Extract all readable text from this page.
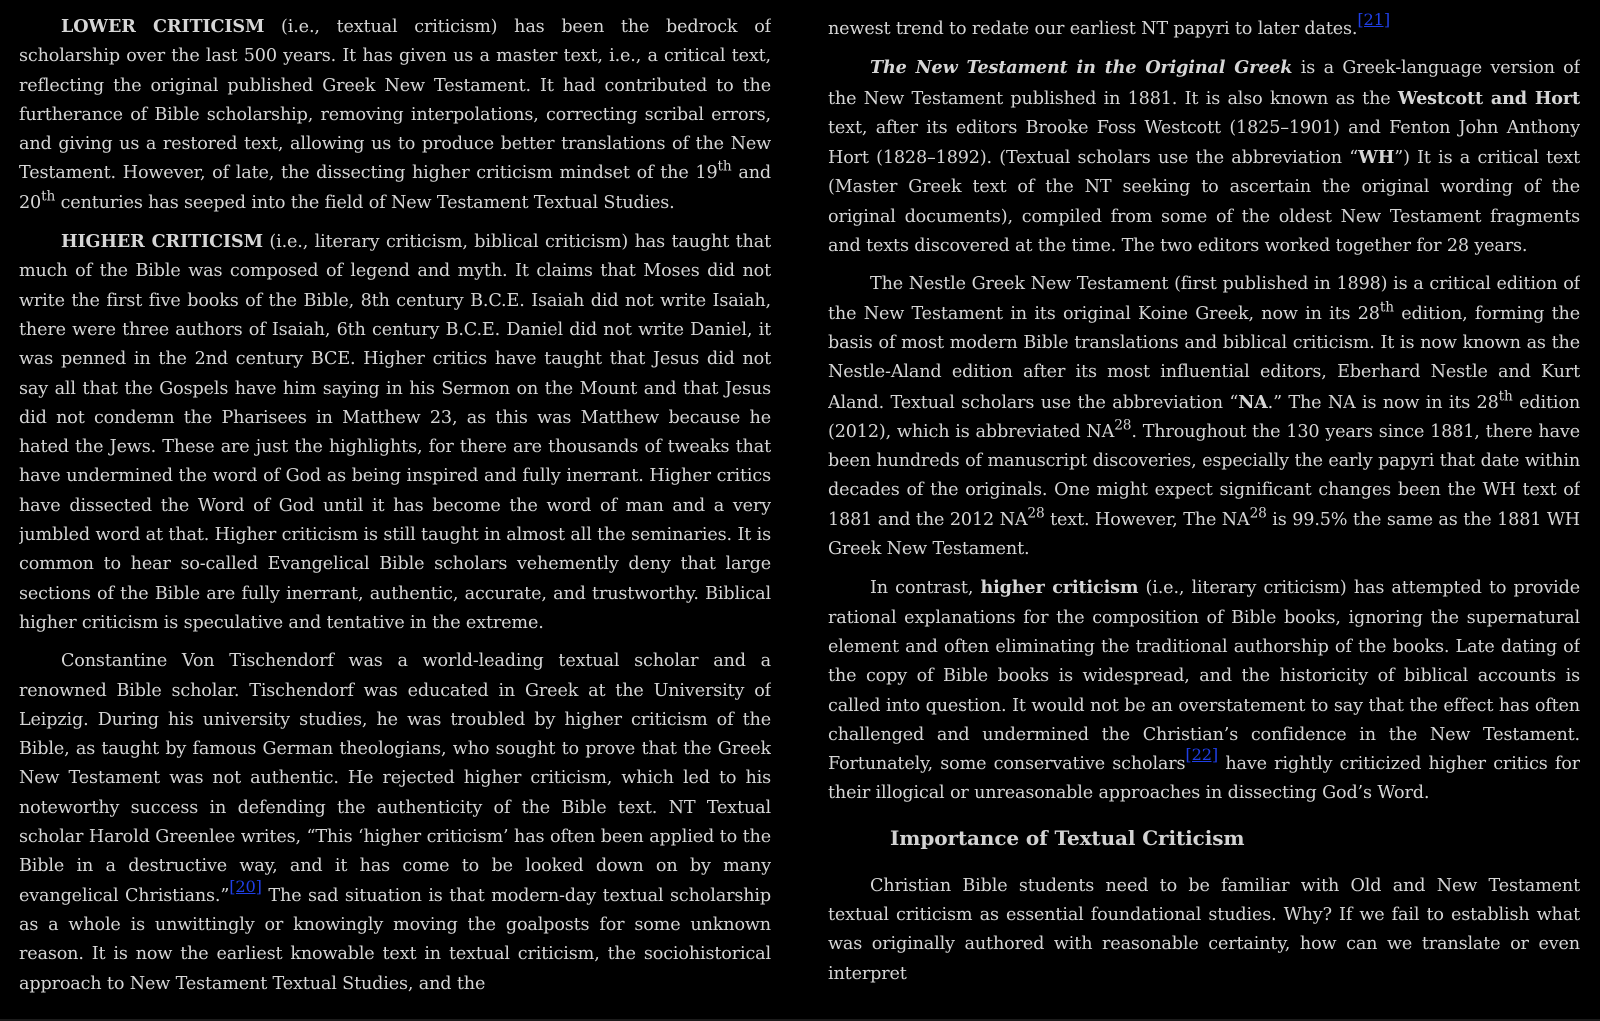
LOWER CRITICISM (i.e., textual criticism) has been the bedrock of scholarship over the last 500 years. It has given us a master text, i.e., a critical text, reflecting the original published Greek New Testament. It had contributed to the furtherance of Bible scholarship, removing interpolations, correcting scribal errors, and giving us a restored text, allowing us to produce better translations of the New Testament. However, of late, the dissecting higher criticism mindset of the 19th and 20th centuries has seeped into the field of New Testament Textual Studies.

HIGHER CRITICISM (i.e., literary criticism, biblical criticism) has taught that much of the Bible was composed of legend and myth. It claims that Moses did not write the first five books of the Bible, 8th century B.C.E. Isaiah did not write Isaiah, there were three authors of Isaiah, 6th century B.C.E. Daniel did not write Daniel, it was penned in the 2nd century BCE. Higher critics have taught that Jesus did not say all that the Gospels have him saying in his Sermon on the Mount and that Jesus did not condemn the Pharisees in Matthew 23, as this was Matthew because he hated the Jews. These are just the highlights, for there are thousands of tweaks that have undermined the word of God as being inspired and fully inerrant. Higher critics have dissected the Word of God until it has become the word of man and a very jumbled word at that. Higher criticism is still taught in almost all the seminaries. It is common to hear so-called Evangelical Bible scholars vehemently deny that large sections of the Bible are fully inerrant, authentic, accurate, and trustworthy. Biblical higher criticism is speculative and tentative in the extreme.

Constantine Von Tischendorf was a world-leading textual scholar and a renowned Bible scholar. Tischendorf was educated in Greek at the University of Leipzig. During his university studies, he was troubled by higher criticism of the Bible, as taught by famous German theologians, who sought to prove that the Greek New Testament was not authentic. He rejected higher criticism, which led to his noteworthy success in defending the authenticity of the Bible text. NT Textual scholar Harold Greenlee writes, “This ‘higher criticism’ has often been applied to the Bible in a destructive way, and it has come to be looked down on by many evangelical Christians.”[20] The sad situation is that modern-day textual scholarship as a whole is unwittingly or knowingly moving the goalposts for some unknown reason. It is now the earliest knowable text in textual criticism, the sociohistorical approach to New Testament Textual Studies, and the

newest trend to redate our earliest NT papyri to later dates.[21]

The New Testament in the Original Greek is a Greek-language version of the New Testament published in 1881. It is also known as the Westcott and Hort text, after its editors Brooke Foss Westcott (1825–1901) and Fenton John Anthony Hort (1828–1892). (Textual scholars use the abbreviation “WH”) It is a critical text (Master Greek text of the NT seeking to ascertain the original wording of the original documents), compiled from some of the oldest New Testament fragments and texts discovered at the time. The two editors worked together for 28 years.

The Nestle Greek New Testament (first published in 1898) is a critical edition of the New Testament in its original Koine Greek, now in its 28th edition, forming the basis of most modern Bible translations and biblical criticism. It is now known as the Nestle-Aland edition after its most influential editors, Eberhard Nestle and Kurt Aland. Textual scholars use the abbreviation “NA.” The NA is now in its 28th edition (2012), which is abbreviated NA$^{28}$. Throughout the 130 years since 1881, there have been hundreds of manuscript discoveries, especially the early papyri that date within decades of the originals. One might expect significant changes been the WH text of 1881 and the 2012 NA$^{28}$ text. However, The NA$^{28}$ is 99.5% the same as the 1881 WH Greek New Testament.

In contrast, higher criticism (i.e., literary criticism) has attempted to provide rational explanations for the composition of Bible books, ignoring the supernatural element and often eliminating the traditional authorship of the books. Late dating of the copy of Bible books is widespread, and the historicity of biblical accounts is called into question. It would not be an overstatement to say that the effect has often challenged and undermined the Christian’s confidence in the New Testament. Fortunately, some conservative scholars[22] have rightly criticized higher critics for their illogical or unreasonable approaches in dissecting God’s Word.

Importance of Textual Criticism

Christian Bible students need to be familiar with Old and New Testament textual criticism as essential foundational studies. Why? If we fail to establish what was originally authored with reasonable certainty, how can we translate or even interpret
